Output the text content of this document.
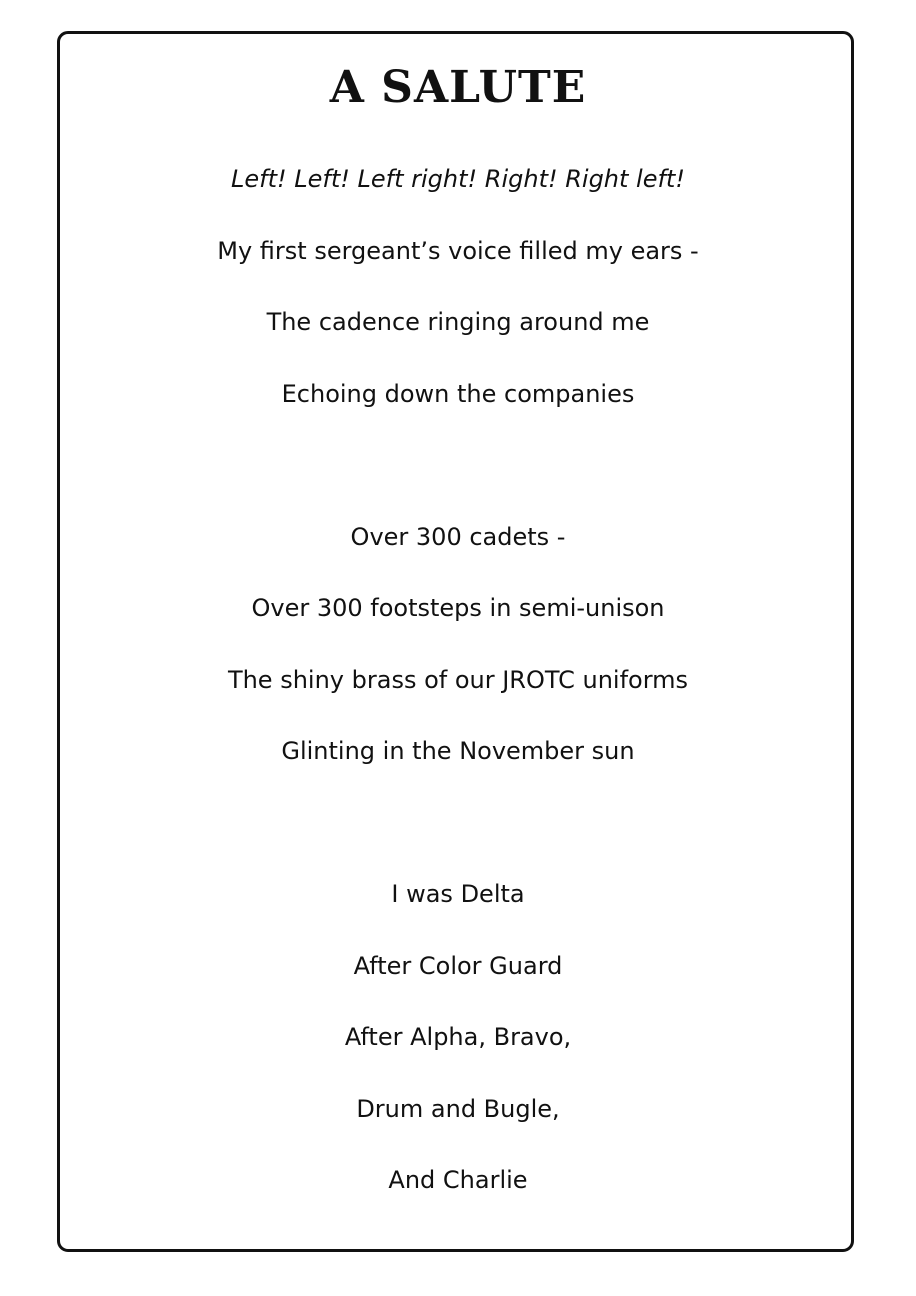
A SALUTE

Left! Left! Left right! Right! Right left!

My first sergeant’s voice filled my ears -

The cadence ringing around me

Echoing down the companies

Over 300 cadets -

Over 300 footsteps in semi-unison

The shiny brass of our JROTC uniforms

Glinting in the November sun

I was Delta

After Color Guard

After Alpha, Bravo,

Drum and Bugle,

And Charlie
